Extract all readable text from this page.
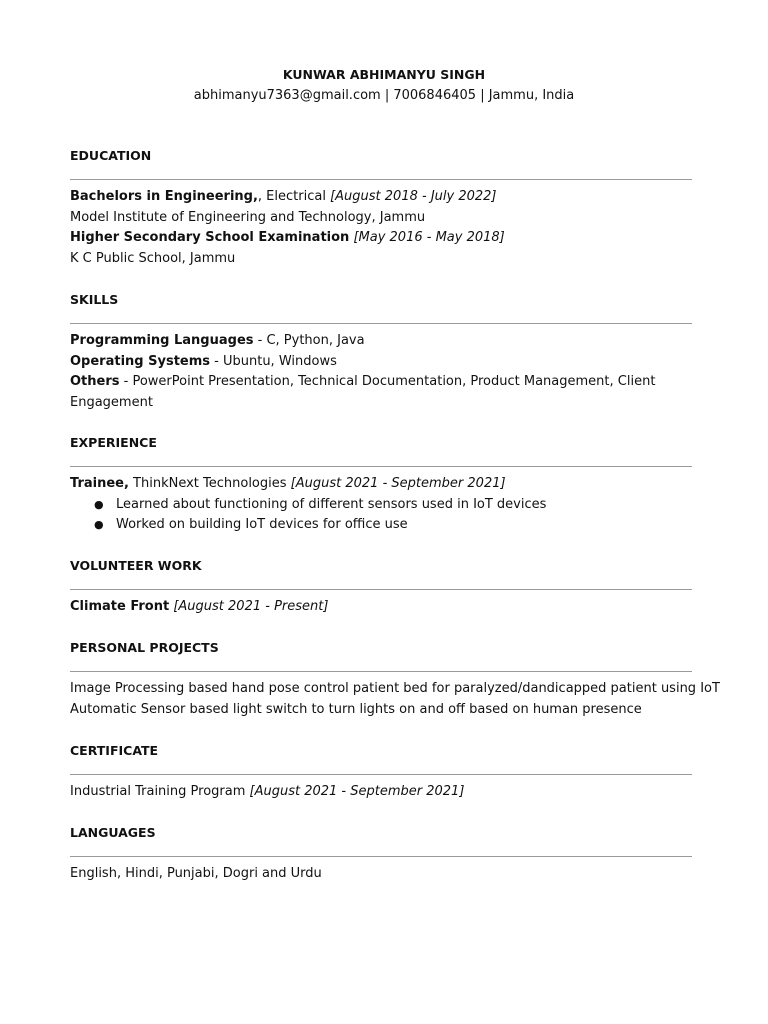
KUNWAR ABHIMANYU SINGH
abhimanyu7363@gmail.com | 7006846405 | Jammu, India
EDUCATION
Bachelors in Engineering,, Electrical [August 2018 - July 2022]
Model Institute of Engineering and Technology, Jammu
Higher Secondary School Examination [May 2016 - May 2018]
K C Public School, Jammu
SKILLS
Programming Languages - C, Python, Java
Operating Systems - Ubuntu, Windows
Others - PowerPoint Presentation, Technical Documentation, Product Management, Client
Engagement
EXPERIENCE
Trainee, ThinkNext Technologies [August 2021 - September 2021]
● Learned about functioning of different sensors used in IoT devices
● Worked on building IoT devices for office use
VOLUNTEER WORK
Climate Front [August 2021 - Present]
PERSONAL PROJECTS
Image Processing based hand pose control patient bed for paralyzed/dandicapped patient using IoT
Automatic Sensor based light switch to turn lights on and off based on human presence
CERTIFICATE
Industrial Training Program [August 2021 - September 2021]
LANGUAGES
English, Hindi, Punjabi, Dogri and Urdu
